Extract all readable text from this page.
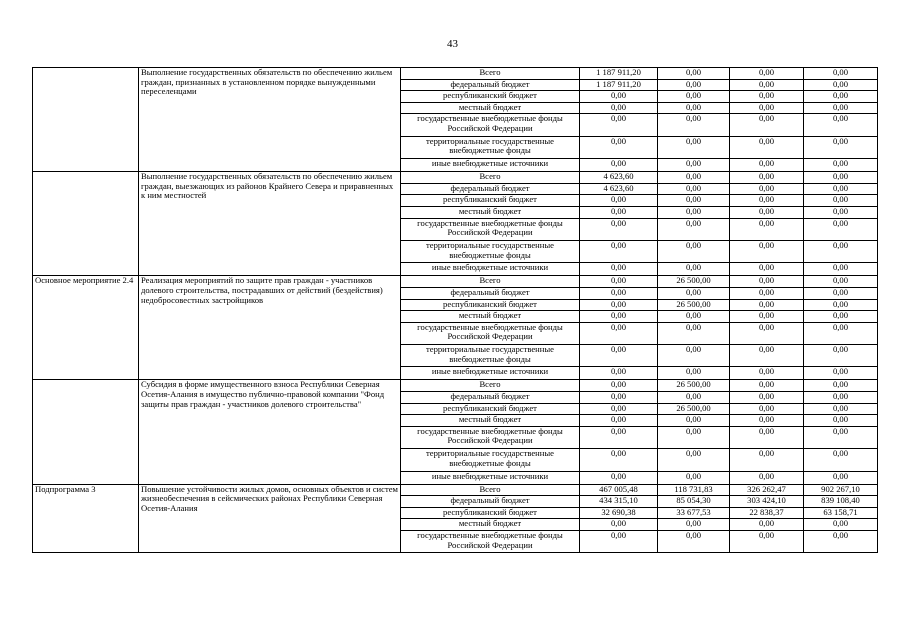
43
	Выполнение государственных обязательств по обеспечению жильем граждан, признанных в установленном порядке вынужденными переселенцами	Всего	1 187 911,20	0,00	0,00	0,00
		федеральный бюджет	1 187 911,20	0,00	0,00	0,00
		республиканский бюджет	0,00	0,00	0,00	0,00
		местный бюджет	0,00	0,00	0,00	0,00
		государственные внебюджетные фонды Российской Федерации	0,00	0,00	0,00	0,00
		территориальные государственные внебюджетные фонды	0,00	0,00	0,00	0,00
		иные внебюджетные источники	0,00	0,00	0,00	0,00
	Выполнение государственных обязательств по обеспечению жильем граждан, выезжающих из районов Крайнего Севера и приравненных к ним местностей	Всего	4 623,60	0,00	0,00	0,00
		федеральный бюджет	4 623,60	0,00	0,00	0,00
		республиканский бюджет	0,00	0,00	0,00	0,00
		местный бюджет	0,00	0,00	0,00	0,00
		государственные внебюджетные фонды Российской Федерации	0,00	0,00	0,00	0,00
		территориальные государственные внебюджетные фонды	0,00	0,00	0,00	0,00
		иные внебюджетные источники	0,00	0,00	0,00	0,00
Основное мероприятие 2.4	Реализация мероприятий по защите прав граждан - участников долевого строительства, пострадавших от действий (бездействия) недобросовестных застройщиков	Всего	0,00	26 500,00	0,00	0,00
		федеральный бюджет	0,00	0,00	0,00	0,00
		республиканский бюджет	0,00	26 500,00	0,00	0,00
		местный бюджет	0,00	0,00	0,00	0,00
		государственные внебюджетные фонды Российской Федерации	0,00	0,00	0,00	0,00
		территориальные государственные внебюджетные фонды	0,00	0,00	0,00	0,00
		иные внебюджетные источники	0,00	0,00	0,00	0,00
	Субсидия в форме имущественного взноса Республики Северная Осетия-Алания в имущество публично-правовой компании "Фонд защиты прав граждан - участников долевого строительства"	Всего	0,00	26 500,00	0,00	0,00
		федеральный бюджет	0,00	0,00	0,00	0,00
		республиканский бюджет	0,00	26 500,00	0,00	0,00
		местный бюджет	0,00	0,00	0,00	0,00
		государственные внебюджетные фонды Российской Федерации	0,00	0,00	0,00	0,00
		территориальные государственные внебюджетные фонды	0,00	0,00	0,00	0,00
		иные внебюджетные источники	0,00	0,00	0,00	0,00
Подпрограмма 3	Повышение устойчивости жилых домов, основных объектов и систем жизнеобеспечения в сейсмических районах Республики Северная Осетия-Алания	Всего	467 005,48	118 731,83	326 262,47	902 267,10
		федеральный бюджет	434 315,10	85 054,30	303 424,10	839 108,40
		республиканский бюджет	32 690,38	33 677,53	22 838,37	63 158,71
		местный бюджет	0,00	0,00	0,00	0,00
		государственные внебюджетные фонды Российской Федерации	0,00	0,00	0,00	0,00
